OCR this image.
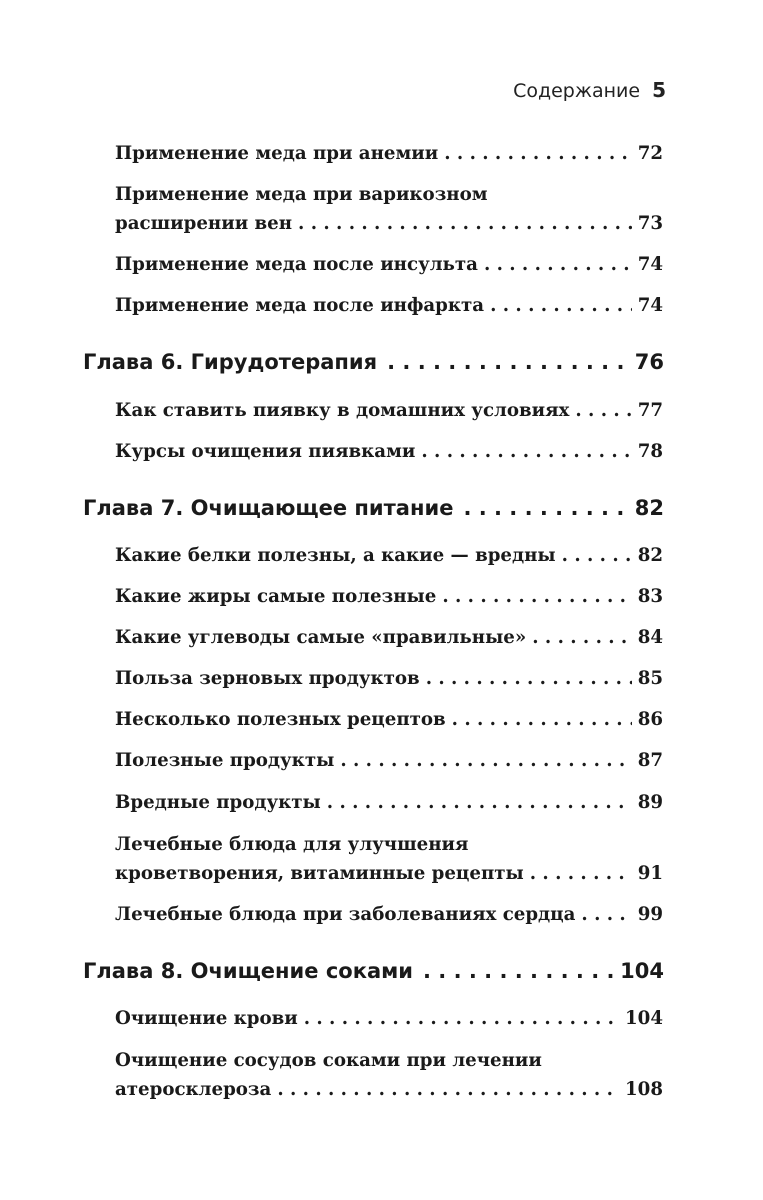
Содержание 5
Применение меда при анемии . . .	72
Применение меда при варикозном
расширении вен . . .	73
Применение меда после инсульта . . .	74
Применение меда после инфаркта . . .	74
Глава 6. Гирудотерапия . . .	76
Как ставить пиявку в домашних условиях . . .	77
Курсы очищения пиявками . . .	78
Глава 7. Очищающее питание . . .	82
Какие белки полезны, а какие — вредны . . .	82
Какие жиры самые полезные . . .	83
Какие углеводы самые «правильные» . . .	84
Польза зерновых продуктов . . .	85
Несколько полезных рецептов . . .	86
Полезные продукты . . .	87
Вредные продукты . . .	89
Лечебные блюда для улучшения
кроветворения, витаминные рецепты . . .	91
Лечебные блюда при заболеваниях сердца . . .	99
Глава 8. Очищение соками . . .	104
Очищение крови . . .	104
Очищение сосудов соками при лечении
атеросклероза . . .	108
